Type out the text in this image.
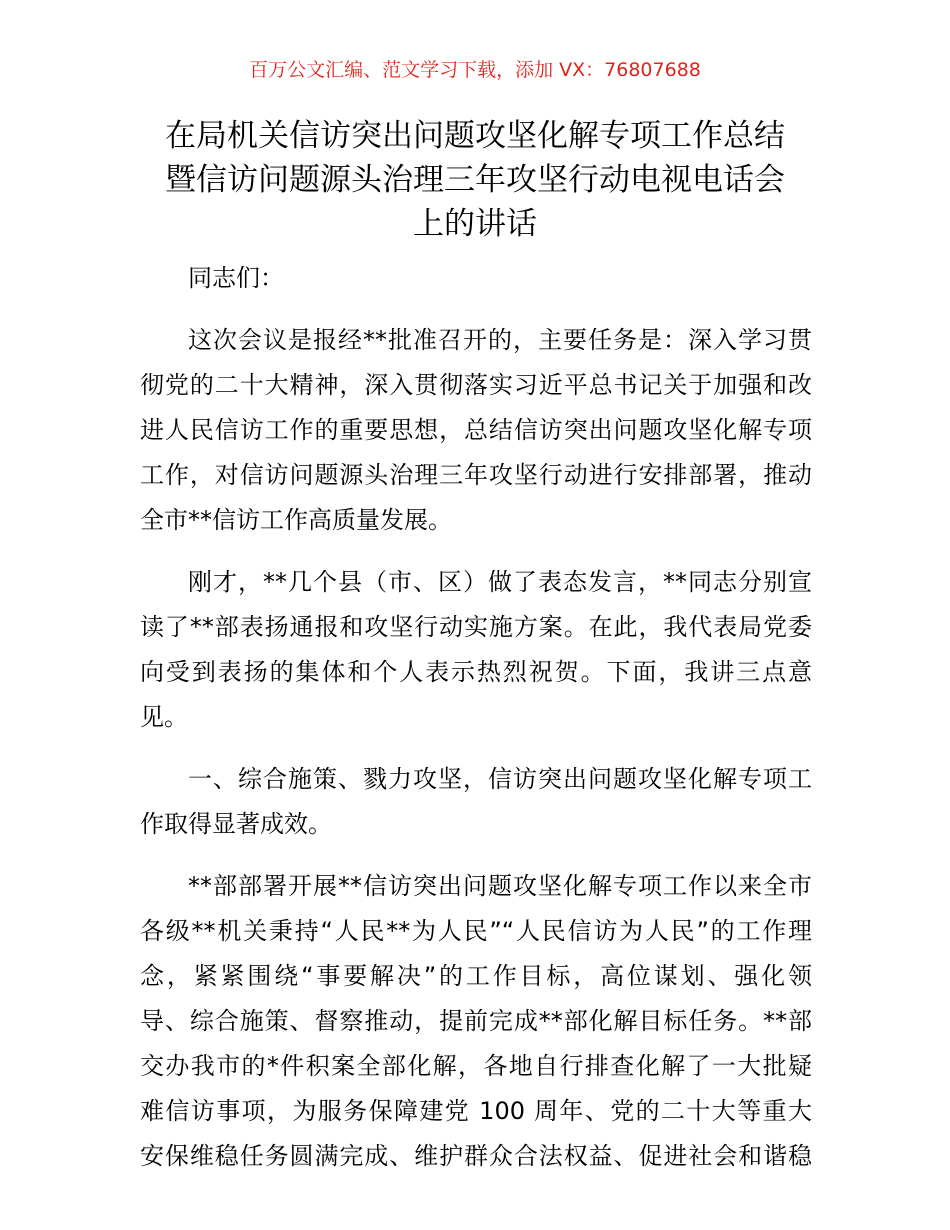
百万公文汇编、范文学习下载，添加 VX：76807688
在局机关信访突出问题攻坚化解专项工作总结
暨信访问题源头治理三年攻坚行动电视电话会
上的讲话

同志们：

这次会议是报经**批准召开的，主要任务是：深入学习贯
彻党的二十大精神，深入贯彻落实习近平总书记关于加强和改
进人民信访工作的重要思想，总结信访突出问题攻坚化解专项
工作，对信访问题源头治理三年攻坚行动进行安排部署，推动
全市**信访工作高质量发展。

刚才，**几个县（市、区）做了表态发言，**同志分别宣
读了**部表扬通报和攻坚行动实施方案。在此，我代表局党委
向受到表扬的集体和个人表示热烈祝贺。下面，我讲三点意
见。

一、综合施策、戮力攻坚，信访突出问题攻坚化解专项工
作取得显著成效。

**部部署开展**信访突出问题攻坚化解专项工作以来全市
各级**机关秉持“人民**为人民”“人民信访为人民”的工作理
念，紧紧围绕“事要解决”的工作目标，高位谋划、强化领
导、综合施策、督察推动，提前完成**部化解目标任务。**部
交办我市的*件积案全部化解，各地自行排查化解了一大批疑
难信访事项，为服务保障建党 100 周年、党的二十大等重大
安保维稳任务圆满完成、维护群众合法权益、促进社会和谐稳
